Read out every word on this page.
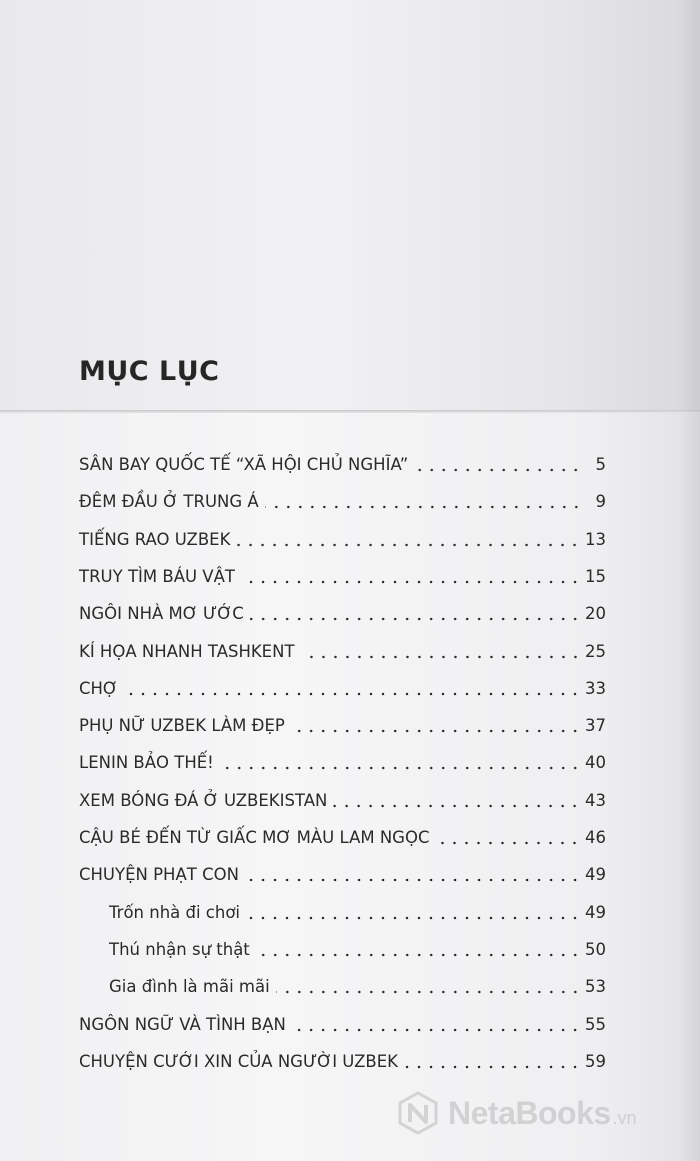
MỤC LỤC
SÂN BAY QUỐC TẾ “XÃ HỘI CHỦ NGHĨA”	5
ĐÊM ĐẦU Ở TRUNG Á	9
TIẾNG RAO UZBEK	13
TRUY TÌM BÁU VẬT	15
NGÔI NHÀ MƠ ƯỚC	20
KÍ HỌA NHANH TASHKENT	25
CHỢ	33
PHỤ NỮ UZBEK LÀM ĐẸP	37
LENIN BẢO THẾ!	40
XEM BÓNG ĐÁ Ở UZBEKISTAN	43
CẬU BÉ ĐẾN TỪ GIẤC MƠ MÀU LAM NGỌC	46
CHUYỆN PHẠT CON	49
Trốn nhà đi chơi	49
Thú nhận sự thật	50
Gia đình là mãi mãi	53
NGÔN NGỮ VÀ TÌNH BẠN	55
CHUYỆN CƯỚI XIN CỦA NGƯỜI UZBEK	59
NetaBooks .vn
